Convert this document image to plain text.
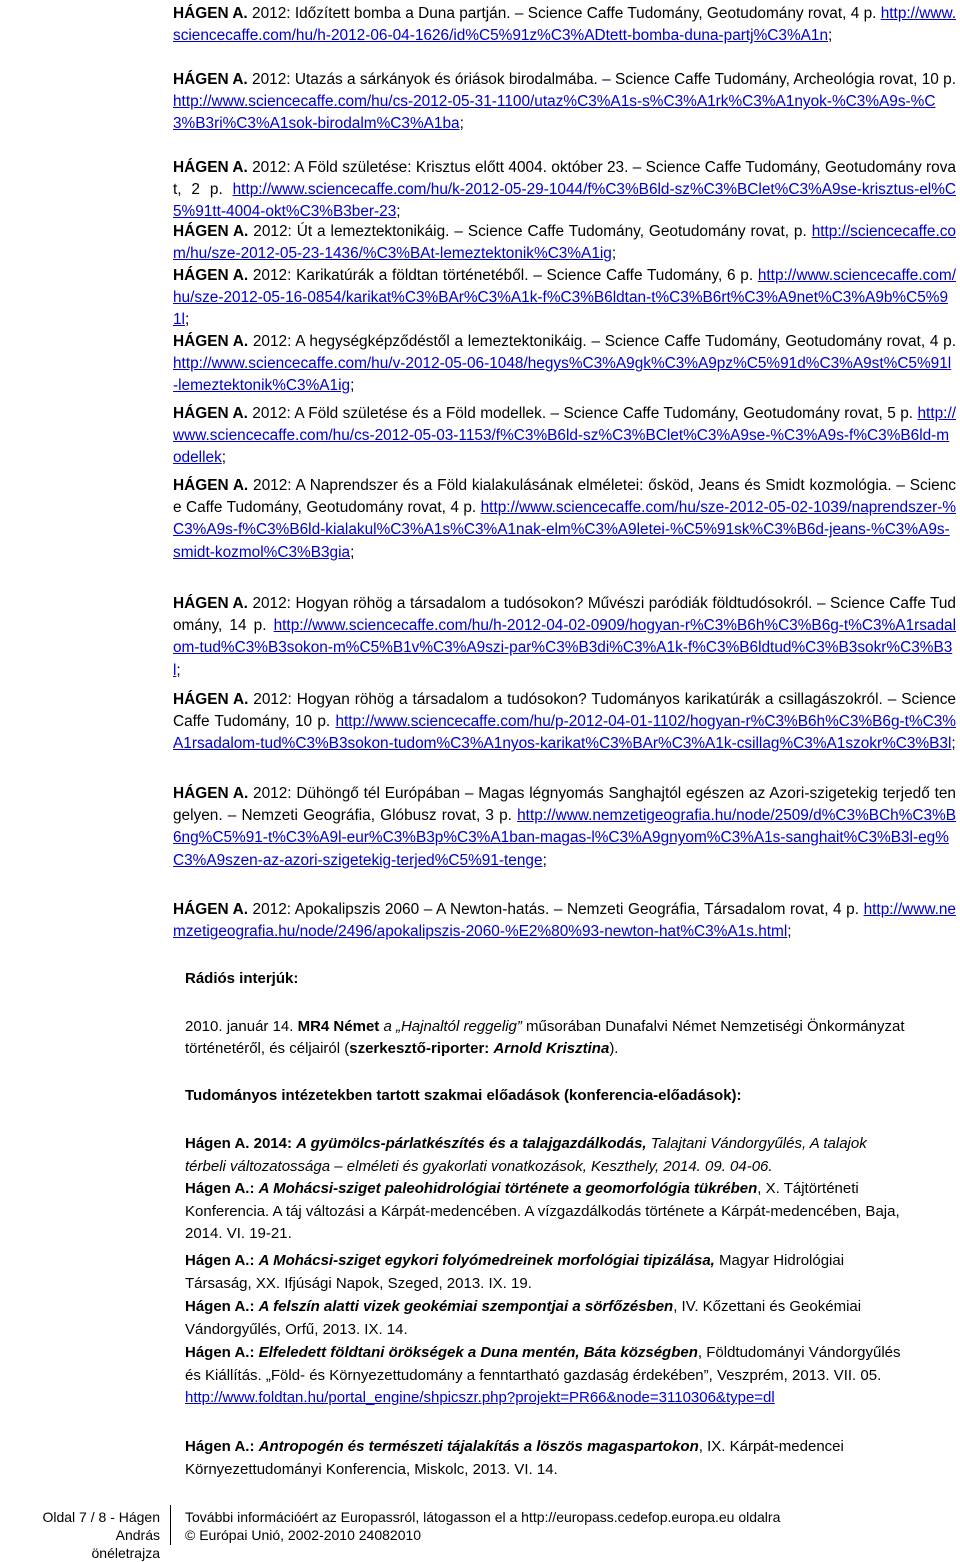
HÁGEN A. 2012: Időzített bomba a Duna partján. – Science Caffe Tudomány, Geotudomány rovat, 4 p. http://www.sciencecaffe.com/hu/h-2012-06-04-1626/id%C5%91z%C3%ADtett-bomba-duna-partj%C3%A1n;
HÁGEN A. 2012: Utazás a sárkányok és óriások birodalmába. – Science Caffe Tudomány, Archeológia rovat, 10 p. http://www.sciencecaffe.com/hu/cs-2012-05-31-1100/utaz%C3%A1s-s%C3%A1rk%C3%A1nyok-%C3%A9s-%C3%B3ri%C3%A1sok-birodalm%C3%A1ba;
HÁGEN A. 2012: A Föld születése: Krisztus előtt 4004. október 23. – Science Caffe Tudomány, Geotudomány rovat, 2 p. http://www.sciencecaffe.com/hu/k-2012-05-29-1044/f%C3%B6ld-sz%C3%BClet%C3%A9se-krisztus-el%C5%91tt-4004-okt%C3%B3ber-23;
HÁGEN A. 2012: Út a lemeztektonikáig. – Science Caffe Tudomány, Geotudomány rovat, p. http://sciencecaffe.com/hu/sze-2012-05-23-1436/%C3%BAt-lemeztektonik%C3%A1ig;
HÁGEN A. 2012: Karikatúrák a földtan történetéből. – Science Caffe Tudomány, 6 p. http://www.sciencecaffe.com/hu/sze-2012-05-16-0854/karikat%C3%BAr%C3%A1k-f%C3%B6ldtan-t%C3%B6rt%C3%A9net%C3%A9b%C5%91l;
HÁGEN A. 2012: A hegységképződéstől a lemeztektonikáig. – Science Caffe Tudomány, Geotudomány rovat, 4 p. http://www.sciencecaffe.com/hu/v-2012-05-06-1048/hegys%C3%A9gk%C3%A9pz%C5%91d%C3%A9st%C5%91l-lemeztektonik%C3%A1ig;
HÁGEN A. 2012: A Föld születése és a Föld modellek. – Science Caffe Tudomány, Geotudomány rovat, 5 p. http://www.sciencecaffe.com/hu/cs-2012-05-03-1153/f%C3%B6ld-sz%C3%BClet%C3%A9se-%C3%A9s-f%C3%B6ld-modellek;
HÁGEN A. 2012: A Naprendszer és a Föld kialakulásának elméletei: ősköd, Jeans és Smidt kozmológia. – Science Caffe Tudomány, Geotudomány rovat, 4 p. http://www.sciencecaffe.com/hu/sze-2012-05-02-1039/naprendszer-%C3%A9s-f%C3%B6ld-kialakul%C3%A1s%C3%A1nak-elm%C3%A9letei-%C5%91sk%C3%B6d-jeans-%C3%A9s-smidt-kozmol%C3%B3gia;
HÁGEN A. 2012: Hogyan röhög a társadalom a tudósokon? Művészi paródiák földtudósokról. – Science Caffe Tudomány, 14 p. http://www.sciencecaffe.com/hu/h-2012-04-02-0909/hogyan-r%C3%B6h%C3%B6g-t%C3%A1rsadalom-tud%C3%B3sokon-m%C5%B1v%C3%A9szi-par%C3%B3di%C3%A1k-f%C3%B6ldtud%C3%B3sokr%C3%B3l;
HÁGEN A. 2012: Hogyan röhög a társadalom a tudósokon? Tudományos karikatúrák a csillagászokról. – Science Caffe Tudomány, 10 p. http://www.sciencecaffe.com/hu/p-2012-04-01-1102/hogyan-r%C3%B6h%C3%B6g-t%C3%A1rsadalom-tud%C3%B3sokon-tudom%C3%A1nyos-karikat%C3%BAr%C3%A1k-csillag%C3%A1szokr%C3%B3l;
HÁGEN A. 2012: Dühöngő tél Európában – Magas légnyomás Sanghajtól egészen az Azori-szigetekig terjedő tengelyen. – Nemzeti Geográfia, Glóbusz rovat, 3 p. http://www.nemzetigeografia.hu/node/2509/d%C3%BCh%C3%B6ng%C5%91-t%C3%A9l-eur%C3%B3p%C3%A1ban-magas-l%C3%A9gnyom%C3%A1s-sanghait%C3%B3l-eg%C3%A9szen-az-azori-szigetekig-terjed%C5%91-tenge;
HÁGEN A. 2012: Apokalipszis 2060 – A Newton-hatás. – Nemzeti Geográfia, Társadalom rovat, 4 p. http://www.nemzetigeografia.hu/node/2496/apokalipszis-2060-%E2%80%93-newton-hat%C3%A1s.html;
Rádiós interjúk:
2010. január 14. MR4 Német a „Hajnaltól reggelig” műsorában Dunafalvi Német Nemzetiségi Önkormányzat történetéről, és céljairól (szerkesztő-riporter: Arnold Krisztina).
Tudományos intézetekben tartott szakmai előadások (konferencia-előadások):
Hágen A. 2014: A gyümölcs-párlatkészítés és a talajgazdálkodás, Talajtani Vándorgyűlés, A talajok térbeli változatossága – elméleti és gyakorlati vonatkozások, Keszthely, 2014. 09. 04-06.
Hágen A.: A Mohácsi-sziget paleohidrológiai története a geomorfológia tükrében, X. Tájtörténeti Konferencia. A táj változási a Kárpát-medencében. A vízgazdálkodás története a Kárpát-medencében, Baja, 2014. VI. 19-21.
Hágen A.: A Mohácsi-sziget egykori folyómedreinek morfológiai tipizálása, Magyar Hidrológiai Társaság, XX. Ifjúsági Napok, Szeged, 2013. IX. 19.
Hágen A.: A felszín alatti vizek geokémiai szempontjai a sörfőzésben, IV. Kőzettani és Geokémiai Vándorgyűlés, Orfű, 2013. IX. 14.
Hágen A.: Elfeledett földtani örökségek a Duna mentén, Báta községben, Földtudományi Vándorgyűlés és Kiállítás. „Föld- és Környezettudomány a fenntartható gazdaság érdekében”, Veszprém, 2013. VII. 05.
http://www.foldtan.hu/portal_engine/shpicszr.php?projekt=PR66&node=3110306&type=dl
Hágen A.: Antropogén és természeti tájalakítás a löszös magaspartokon, IX. Kárpát-medencei Környezettudományi Konferencia, Miskolc, 2013. VI. 14.
Oldal 7 / 8 - Hágen András
önéletrajza
További információért az Europassról, látogasson el a http://europass.cedefop.europa.eu oldalra
© Európai Unió, 2002-2010 24082010
